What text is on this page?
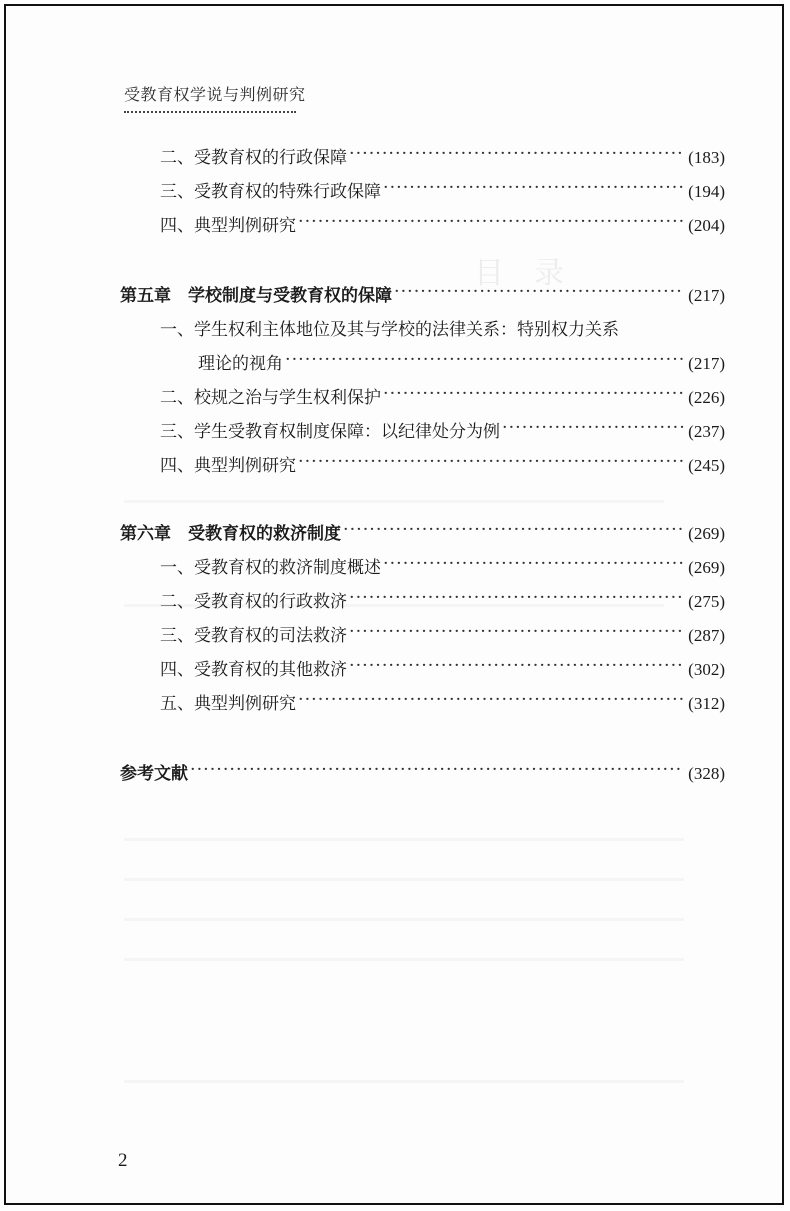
目录
受教育权学说与判例研究
二、受教育权的行政保障 ·····	(183)
三、受教育权的特殊行政保障 ·····	(194)
四、典型判例研究 ·····	(204)
第五章　学校制度与受教育权的保障 ·····	(217)
一、学生权利主体地位及其与学校的法律关系：特别权力关系
理论的视角 ·····	(217)
二、校规之治与学生权利保护 ·····	(226)
三、学生受教育权制度保障：以纪律处分为例 ·····	(237)
四、典型判例研究 ·····	(245)
第六章　受教育权的救济制度 ·····	(269)
一、受教育权的救济制度概述 ·····	(269)
二、受教育权的行政救济 ·····	(275)
三、受教育权的司法救济 ·····	(287)
四、受教育权的其他救济 ·····	(302)
五、典型判例研究 ·····	(312)
参考文献 ·····	(328)
2
